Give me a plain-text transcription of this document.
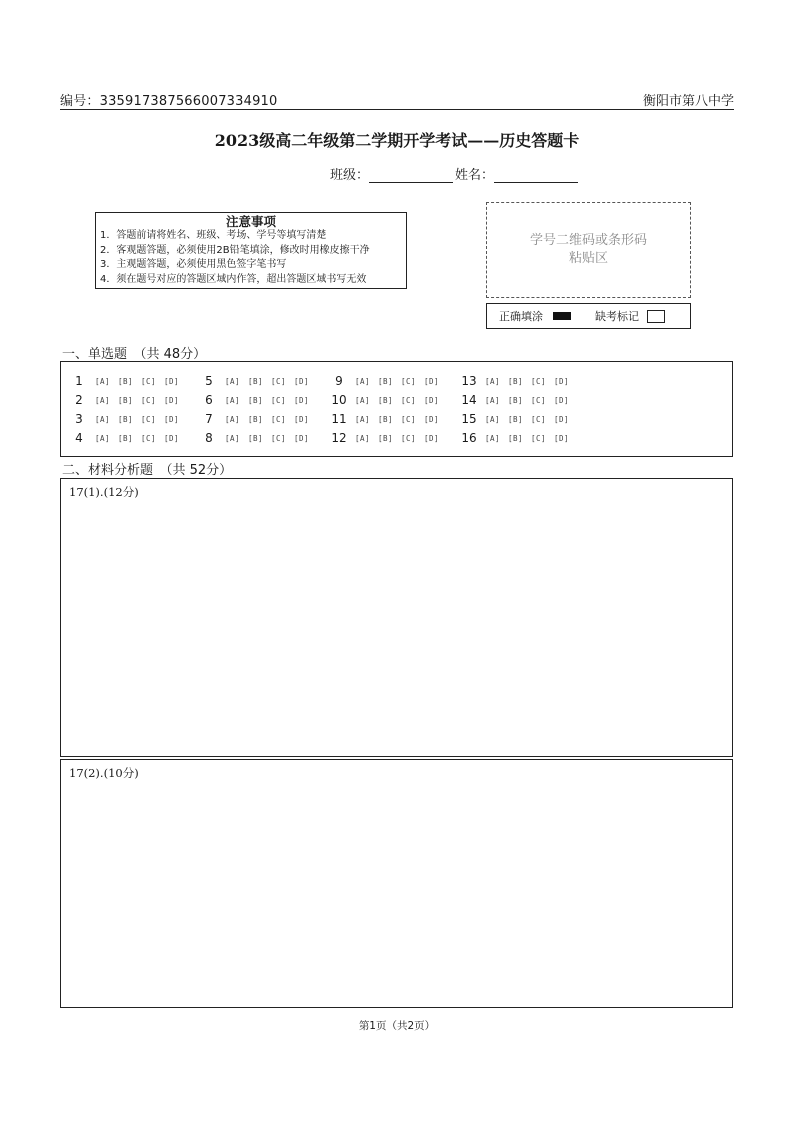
编号：3359173875660073349​10	衡阳市第八中学
2023级高二年级第二学期开学考试——历史答题卡
班级：	姓名：
注意事项
1．答题前请将姓名、班级、考场、学号等填写清楚
2．客观题答题，必须使用2B铅笔填涂，修改时用橡皮擦干净
3．主观题答题，必须使用黑色签字笔书写
4．须在题号对应的答题区域内作答，超出答题区域书写无效
学号二维码或条形码
粘贴区
正确填涂	缺考标记
一、单选题　（共 48分）
1	[A]	[B]	[C]	[D]
2	[A]	[B]	[C]	[D]
3	[A]	[B]	[C]	[D]
4	[A]	[B]	[C]	[D]
5	[A]	[B]	[C]	[D]
6	[A]	[B]	[C]	[D]
7	[A]	[B]	[C]	[D]
8	[A]	[B]	[C]	[D]
9	[A]	[B]	[C]	[D]
10	[A]	[B]	[C]	[D]
11	[A]	[B]	[C]	[D]
12	[A]	[B]	[C]	[D]
13	[A]	[B]	[C]	[D]
14	[A]	[B]	[C]	[D]
15	[A]	[B]	[C]	[D]
16	[A]	[B]	[C]	[D]
二、材料分析题　（共 52分）
17(1).(12分)
17(2).(10分)
第1页（共2页）
